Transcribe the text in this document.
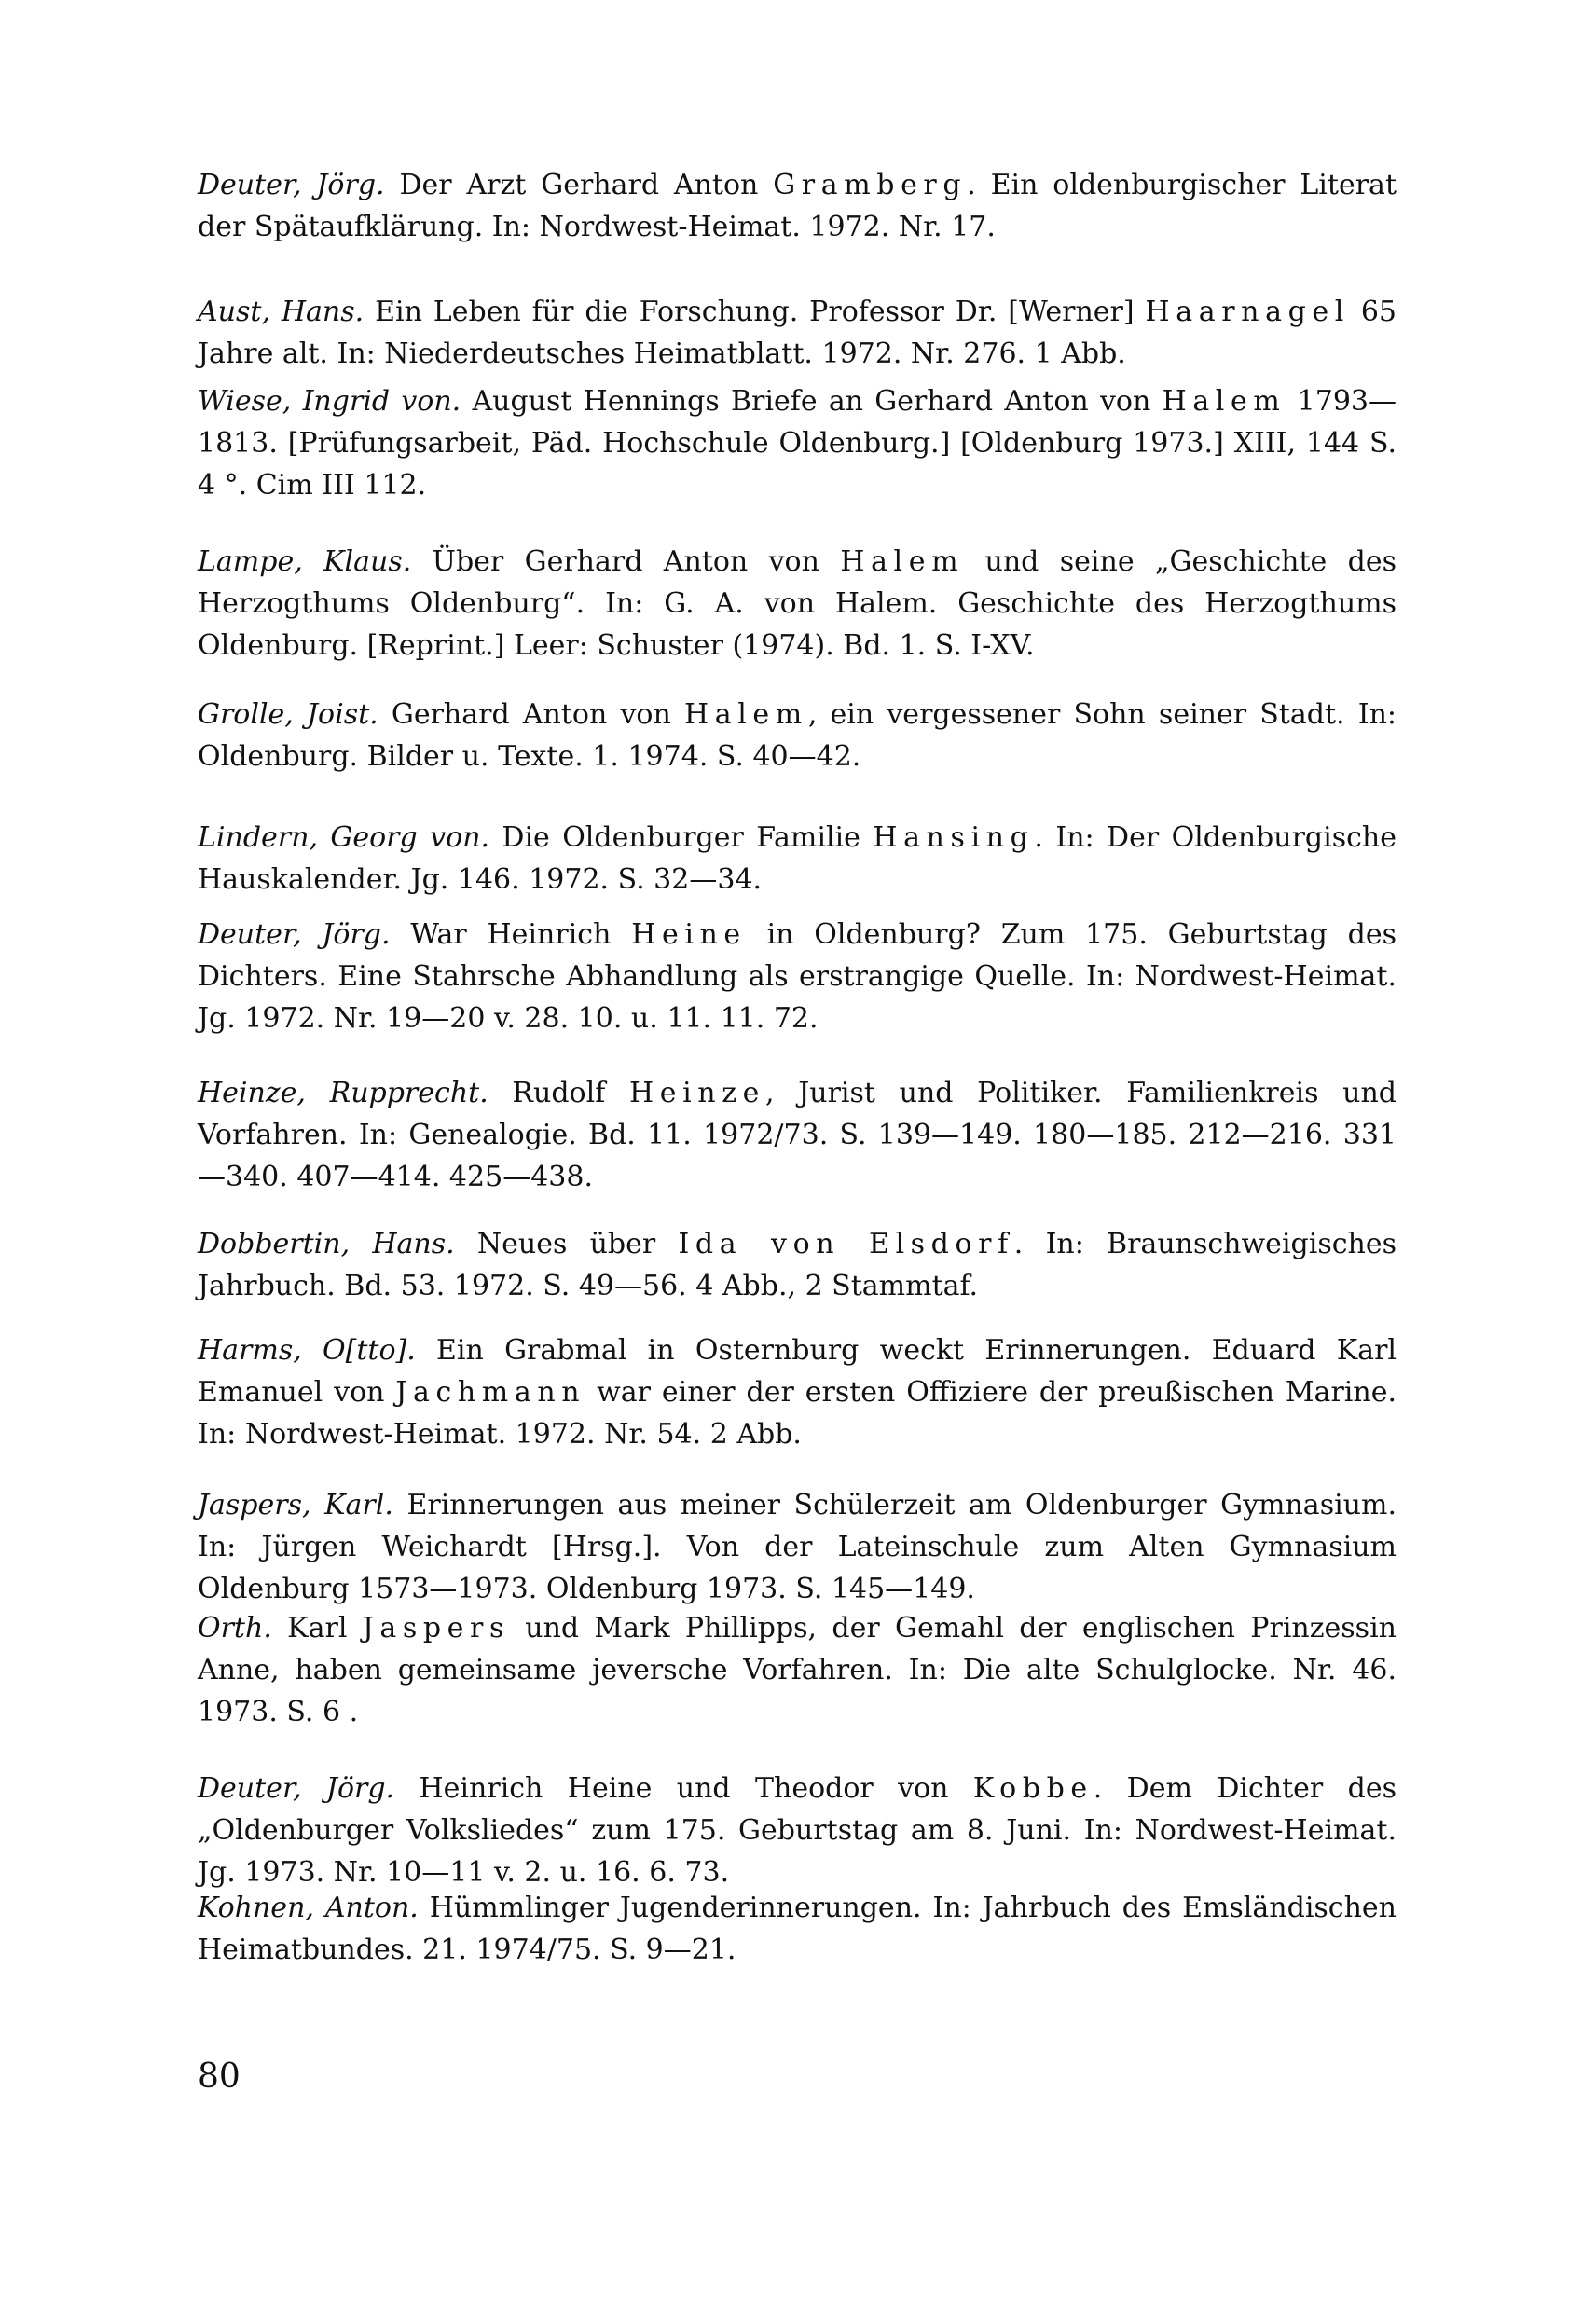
Deuter, Jörg. Der Arzt Gerhard Anton Gramberg. Ein oldenburgischer Literat der Spätaufklärung. In: Nordwest-Heimat. 1972. Nr. 17.

Aust, Hans. Ein Leben für die Forschung. Professor Dr. [Werner] Haarnagel 65 Jahre alt. In: Niederdeutsches Heimatblatt. 1972. Nr. 276. 1 Abb.

Wiese, Ingrid von. August Hennings Briefe an Gerhard Anton von Halem 1793—1813. [Prüfungsarbeit, Päd. Hochschule Oldenburg.] [Oldenburg 1973.] XIII, 144 S. 4 °. Cim III 112.

Lampe, Klaus. Über Gerhard Anton von Halem und seine „Geschichte des Herzogthums Oldenburg“. In: G. A. von Halem. Geschichte des Herzogthums Oldenburg. [Reprint.] Leer: Schuster (1974). Bd. 1. S. I-XV.

Grolle, Joist. Gerhard Anton von Halem, ein vergessener Sohn seiner Stadt. In: Oldenburg. Bilder u. Texte. 1. 1974. S. 40—42.

Lindern, Georg von. Die Oldenburger Familie Hansing. In: Der Oldenburgische Hauskalender. Jg. 146. 1972. S. 32—34.

Deuter, Jörg. War Heinrich Heine in Oldenburg? Zum 175. Geburtstag des Dichters. Eine Stahrsche Abhandlung als erstrangige Quelle. In: Nordwest-Heimat. Jg. 1972. Nr. 19—20 v. 28. 10. u. 11. 11. 72.

Heinze, Rupprecht. Rudolf Heinze, Jurist und Politiker. Familienkreis und Vorfahren. In: Genealogie. Bd. 11. 1972/73. S. 139—149. 180—185. 212—216. 331—340. 407—414. 425—438.

Dobbertin, Hans. Neues über Ida von Elsdorf. In: Braunschweigisches Jahrbuch. Bd. 53. 1972. S. 49—56. 4 Abb., 2 Stammtaf.

Harms, O[tto]. Ein Grabmal in Osternburg weckt Erinnerungen. Eduard Karl Emanuel von Jachmann war einer der ersten Offiziere der preußischen Marine. In: Nordwest-Heimat. 1972. Nr. 54. 2 Abb.

Jaspers, Karl. Erinnerungen aus meiner Schülerzeit am Oldenburger Gymnasium. In: Jürgen Weichardt [Hrsg.]. Von der Lateinschule zum Alten Gymnasium Oldenburg 1573—1973. Oldenburg 1973. S. 145—149.

Orth. Karl Jaspers und Mark Phillipps, der Gemahl der englischen Prinzessin Anne, haben gemeinsame jeversche Vorfahren. In: Die alte Schulglocke. Nr. 46. 1973. S. 6 .

Deuter, Jörg. Heinrich Heine und Theodor von Kobbe. Dem Dichter des „Oldenburger Volksliedes“ zum 175. Geburtstag am 8. Juni. In: Nordwest-Heimat. Jg. 1973. Nr. 10—11 v. 2. u. 16. 6. 73.

Kohnen, Anton. Hümmlinger Jugenderinnerungen. In: Jahrbuch des Emsländischen Heimatbundes. 21. 1974/75. S. 9—21.

80
